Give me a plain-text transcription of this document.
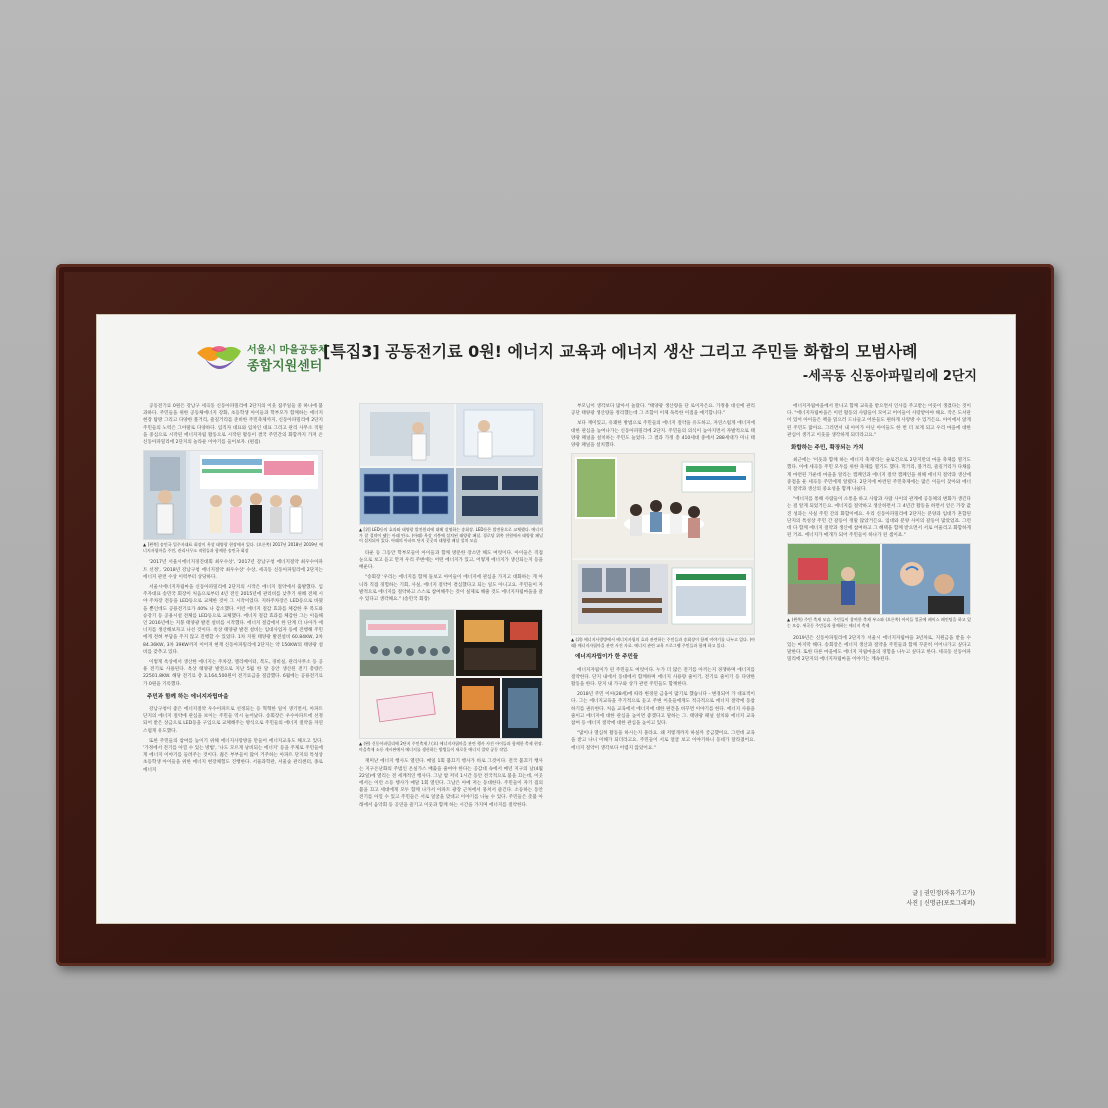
서울시 마을공동체
종합지원센터
[특집3] 공동전기료 0원! 에너지 교육과 에너지 생산 그리고 주민들 화합의 모범사례
-세곡동 신동아파밀리에 2단지

공동전기료 0원은 강남구 세곡동 신동아파밀리에 2단지의 이웃 집주일들 중 하나에 불과하다. 주민들을 위한 공동체에너지 강화, 초등학생 아이들과 학부모가 함께하는 에너지 현장 탐방 그리고 다양한 볼거리, 즐길거리를 준비한 주민축제까지, 신동아파밀리에 2단지 주민들의 노력은 그야말로 다양하다. 임직자 대표와 임차인 대표 그리고 관리 사무소 직원을 중심으로 시작된 에너지자립 활동으로 시작된 활동이 결국 주민간의 화합까지 가져 온 신동아파밀리에 2단지의 놀라운 이야기를 들어보자. (편집)

▲ [왼쪽] 송민국 입주자대표 회장이 옥상 태양광 현장에서 있다. (오른쪽) 2017년 2018년 2019년 에너지자립마을 주민, 관리사무소 직원들과 함께한 송민국 회장

'2017년 서울시에너지경진대회 최우수상', '2017년 강남구청 에너지절약 최우수아파트 선정', '2018년 강남구청 에너지절약 최우수상' 수상, 세곡동 신동아파밀리에 2단지는 에너지 관련 수상 이력부터 상당하다.

서울시에너지자립마을 신동아파밀리에 2단지의 시작은 에너지 절약에서 출발했다. 입주자대표 송민국 회장이 처음으로부터 4년 전인 2015년에 관리비를 낮추기 위해 전체 시야 주차장 전등을 LED등으로 교체한 것이 그 시작이었다. 지하주차장은 LED등으로 바꿨을 뿐인데도 공용전기료가 40% 나 감소했다. 이런 에너지 절감 효과를 체감한 후 복도와 승강기 등 공용시설 전체를 LED등으로 교체했다. 에너지 절감 효과를 체감한 그는 이듬해인 2016년에는 지붕 태양광 발전 설비를 시작했다. 에너지 절감에서 한 단계 더 나아가 에너지를 생산해보자고 나선 것이다. 옥상 태양광 발전 설비는 임대사업자 등에 진행해 주민에게 전혀 부담을 주지 않고 진행할 수 있었다. 1차 지원 태양광 발전설비 60.84KW, 2차 84.36KW, 3차 39KW까지 이어져 현재 신동아파밀리에 2단지는 약 150KW의 태양광 설비를 갖추고 있다.

이렇게 옥상에서 생산한 에너지는 주차장, 엘리베이터, 복도, 경비실, 관리사무소 등 공용 전기로 사용된다. 옥상 태양광 발전으로 지난 5월 한 달 동안 생산된 전기 총량은 22501.8KW. 해당 전기료 총 3,164,500원이 전기료금을 절감했다. 6월에는 공용전기료가 0원을 기록했다.

주민과 함께 하는 에너지자립마을

강남구청이 좋은 에너지절약 우수아파트로 선정되는 등 혁혁한 일이 생기면서, 아파트 단지의 에너지 절약에 관심을 보이는 주민들 역시 늘어났다. 송회장은 우수아파트에 선정되어 받은 상금으로 LED등을 구입으로 교체해주는 방식으로 주민들의 에너지 절약을 자연스럽게 유도했다.

또한 주민들의 참여를 높이기 위해 에너지사랑방을 만들어 에너지교육도 해오고 있다. '가정에서 전기를 아낄 수 있는 방법', '나도 모르게 낭비되는 에너지' 등을 주제로 주민들에게 에너지 이야기를 들려주는 것이다. 젊은 부부들이 많이 거주하는 아파트 단지의 특성상 초등학생 아이들을 위한 에너지 현장체험도 진행한다. 서울과학관, 서울숲 관리센터, 종로 에너지

▲ [위] LED등의 효과와 태양광 발전원리에 대해 설명하는 송회장. LED등은 발전용으로 교체했다. 에너지가 잘 절약이 됐는 아래 탄소. (아래) 옥상 지붕에 설치된 태양광 패널. 경로당 위쪽 전원에서 태양광 패널이 설치되어 있다. 아래의 아파트 단지 곳곳의 태양광 패널 설치 모습

타운 등 그동안 학부모들이 아이들과 함께 방문한 장소만 해도 여럿이다. 아이들은 직접 눈으로 보고 듣고 만져 우리 주변에는 어떤 에너지가 있고, 어떻게 에너지가 생산되는지 등을 배운다.

"송회장 '우리는 에너지를 함께 돌보고 아이들이 에너지에 관심을 가지고 대화하는 게 아니라 직접 경험하는 기회, 사실, 에너지 절약이 결심했다고 되는 일도 아니고요. 주민들이 자발적으로 에너지를 절약하고 스스로 참여해주는 것이 실제로 해줄 것도 에너지자립마을을 갈 수 있다고 생각해요." (송민국 회장)

▲ (왼) 신동아파밀리에 2단지 주민축제 / (오) 에너지자립마을 관련 행사 사진 아이들과 함께한 축제 현장. 마을축제 소등 게시판에서 에너지를 생산하는 방법들이 새로운 에너지 절약 공동 작업.

재미난 에너지 행사도 열린다. 매일 1회 불끄기 행사가 바로 그것이다. 전국 불끄기 행사는 지구온난화의 주범인 온실가스 배출을 줄여야 한다는 공감대 속에서 매년 지구의 날(4월 22일)에 열리는 전 세계적인 행사다. 그날 밤 저녁 1시간 동안 전국적으로 불을 끄는데, 이곳에서는 이런 소등 행사가 매달 1회 열린다. 그날은 아예 저는 동대한다. 주민들이 자기 집의 불을 끄고 세대에게 모두 함께 나가서 아파트 광장 근처에서 뭉쳐서 즐긴다. 소등하는 동안 전기를 아낄 수 있고 주민들은 서로 얼굴을 맞대고 이야기를 나눌 수 있다. 주민들은 촛불 아래에서 음악회 등 공연을 즐기고 이웃과 함께 하는 시간을 가지며 에너지를 절약한다.

부모님이 생각보다 많아서 놀랐다. "태양광 생산량을 단 로이자은요. 가정용 대신에 관리공단 태양광 생산량을 정리했는데 그 조합이 이제 독특한 이점을 얘기합니다."

보다 재미있고, 유쾌한 방법으로 주민들의 에너지 절약을 유도하고, 자연스럽게 에너지에 대한 관심을 높여나가는 신동아파밀리에 2단지. 주민들의 의식이 높아지면서 자발적으로 태양광 패널을 설치하는 주민도 늘었다. 그 결과 가정 총 410세대 중에서 288세대가 미니 태양광 패널을 설치했다.

▲ (위) 에너지사랑방에서 에너지자립의 효과 관련하는 주민들과 송회장이 함께 이야기를 나누고 있다. (아래) 에너지자립마을 관련 사진 자료. 에너지 관련 교육 프로그램 주민들과 함께 하고 있다.
에너지자립이가 한 주민들

에너지자립이가 된 주민들도 여럿이다. 누가 더 많은 전기를 아끼는지 경쟁하며 에너지를 절약한다. 단지 내에서 동대에서 함께하며 에너지 사용량 줄이기, 전기료 줄이기 등 다양한 활동을 한다. 단지 내 가구와 상가 관련 주민들도 함께한다.

2018년 주민 이씨(28세)에 따라 변경된 금융이 많기로 했습니다 - 변경되어 가 대표적이다. 그는 에너지교육을 주기적으로 듣고 주변 이웃들에게도 적극적으로 에너지 절약에 동참하기를 권유한다. 처음 교육에서 에너지에 대한 편견을 바꾸면 이야기를 한다. 에너지 사용을 줄이고 에너지에 대한 관심을 높이면 좋겠다고 말하는 그. 태양광 패널 설치와 에너지 교육 참여 등 에너지 절약에 대한 관심을 높이고 있다.

"많이나 열심히 활동을 하시는지 몰라요. 왜 저렇게까지 하실까 궁금했어요. 그런데 교육을 받고 나니 이해가 되더라고요. 주민들이 서로 얼굴 보고 이야기하니 동네가 달라졌어요. 에너지 절약이 생각보다 어렵지 않았어요."

에너지자립마을에서 만나고 함께 교육을 받으면서 인사를 주고받는 이웃이 생겼다는 것이다. "에너지자립마을은 이런 활동의 사람들이 모이고 어이들이 사랑받아야 해요. 작은 도서관이 있어 아이들은 책을 읽으러 드나들고 어른들도 편하게 사랑방 수 있거든요. 아이에서 앉게 된 주민도 많아요. 그러면서 내 아이가 아닌 아이들도 한 번 더 보게 되고 우리 마을에 대한 관심이 생기고 이웃을 생각하게 되더라고요."

화합하는 주민, 확장되는 가치

최근에는 '이웃과 함께 하는 에너지 축제'라는 슬로건으로 2단지만의 마을 축제를 열기도 했다. 이에 세곡동 주민 모두를 위한 축제를 열기도 했다. 먹거리, 볼거리, 즐길거리가 다채롭게 마련된 가운데 마을을 알리는 캠페인과 에너지 절약 캠페인을 위해 에너지 절약과 생산에 중점을 둔 세곡동 주민에게 알렸다. 2단지에 마련된 주민축제에는 많은 이들이 찾아와 에너지 절약과 생산의 중요성을 함께 나눴다.

"에너지를 통해 사람들이 소통을 하고 사람과 사람 사이의 관계에 공동체의 변화가 생긴다는 걸 알게 되었거든요. 에너지를 절약하고 생산하면서 그 4년간 활동을 하면서 얻은 가장 값진 성과는 사실 주민 간의 화합이에요. 우리 신동아파밀리에 2단지는 분양과 임대가 혼합된 단지의 특성상 주민 간 갈등이 정말 많았거든요. 임대와 분양 사이의 갈등이 많았었죠. 그런데 다 함께 에너지 절약과 생산에 참여하고 그 혜택을 함께 받으면서 서로 어울리고 화합하게 된 거죠. 에너지가 매개가 되어 주민들이 하나가 된 셈이죠."

▲ (왼쪽) 주민 축제 모습. 주민들이 참여한 축제 부스와 (오른쪽) 아이들 얼굴에 페이스 페인팅을 하고 있는 모습. 세곡동 주민들과 함께하는 에너지 축제

2019년은 신동아파밀리에 2단지가 서울시 에너지자립마을 3년차로, 지원금을 받을 수 있는 마지막 해다. 송회장은 에너지 생산과 절약을 주민들과 함께 꾸준히 이어나가고 싶다고 말한다. 또한 다른 마을에도 에너지 자립마을의 경험을 나누고 싶다고 한다. 세곡동 신동아파밀리에 2단지의 에너지자립마을 이야기는 계속된다.

글 | 권민정(자유기고가)
사진 | 신명균(포토그래퍼)
